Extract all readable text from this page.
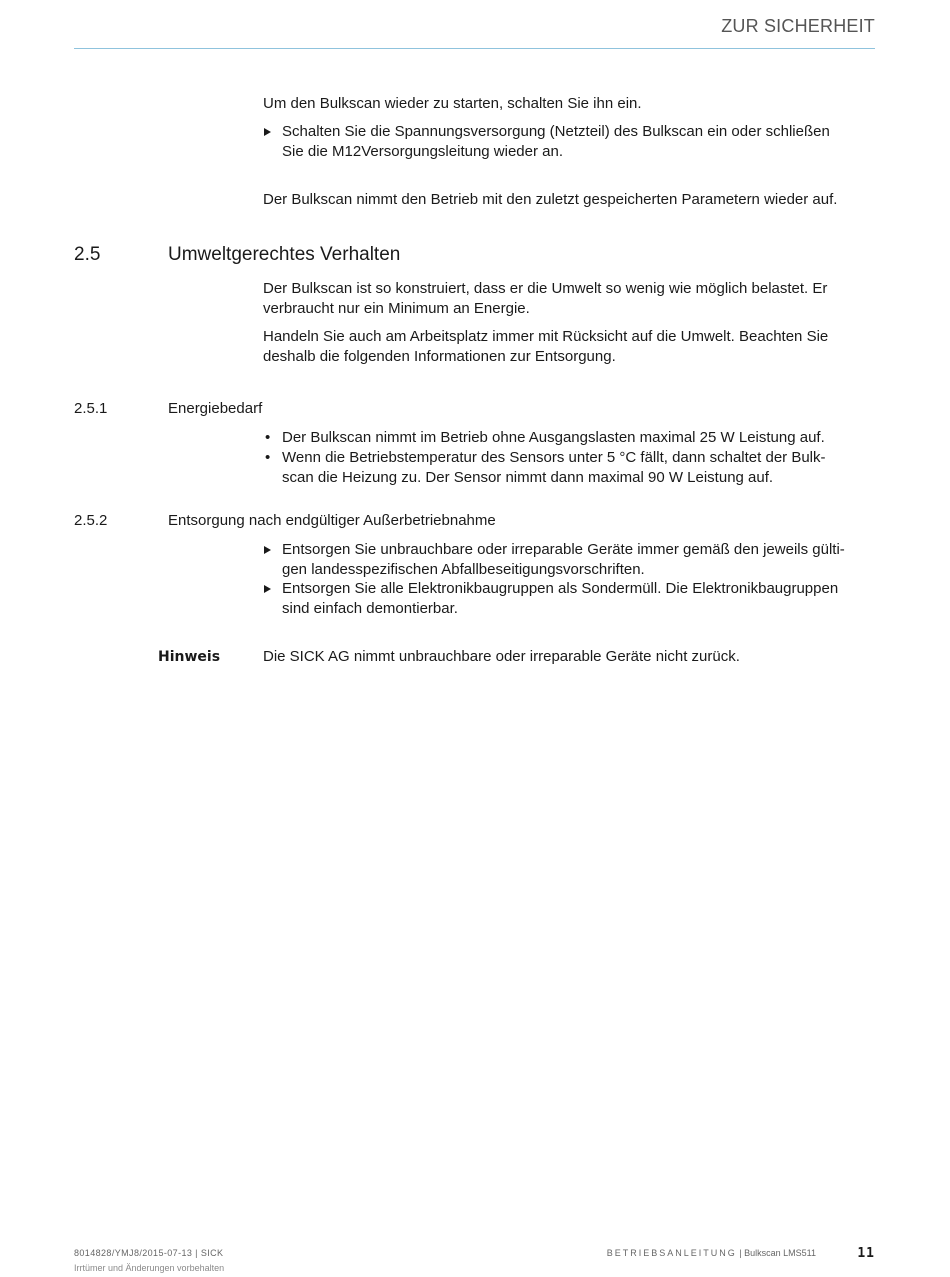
ZUR SICHERHEIT
Um den Bulkscan wieder zu starten, schalten Sie ihn ein.
Schalten Sie die Spannungsversorgung (Netzteil) des Bulkscan ein oder schließen
Sie die M12Versorgungsleitung wieder an.
Der Bulkscan nimmt den Betrieb mit den zuletzt gespeicherten Parametern wieder auf.
2.5	Umweltgerechtes Verhalten
Der Bulkscan ist so konstruiert, dass er die Umwelt so wenig wie möglich belastet. Er
verbraucht nur ein Minimum an Energie.
Handeln Sie auch am Arbeitsplatz immer mit Rücksicht auf die Umwelt. Beachten Sie
deshalb die folgenden Informationen zur Entsorgung.
2.5.1	Energiebedarf
• Der Bulkscan nimmt im Betrieb ohne Ausgangslasten maximal 25 W Leistung auf.
• Wenn die Betriebstemperatur des Sensors unter 5 °C fällt, dann schaltet der Bulk-
scan die Heizung zu. Der Sensor nimmt dann maximal 90 W Leistung auf.
2.5.2	Entsorgung nach endgültiger Außerbetriebnahme
Entsorgen Sie unbrauchbare oder irreparable Geräte immer gemäß den jeweils gülti-
gen landesspezifischen Abfallbeseitigungsvorschriften.
Entsorgen Sie alle Elektronikbaugruppen als Sondermüll. Die Elektronikbaugruppen
sind einfach demontierbar.
Hinweis	Die SICK AG nimmt unbrauchbare oder irreparable Geräte nicht zurück.
8014828/YMJ8/2015-07-13 | SICK
Irrtümer und Änderungen vorbehalten
BETRIEBSANLEITUNG | Bulkscan LMS511	11
